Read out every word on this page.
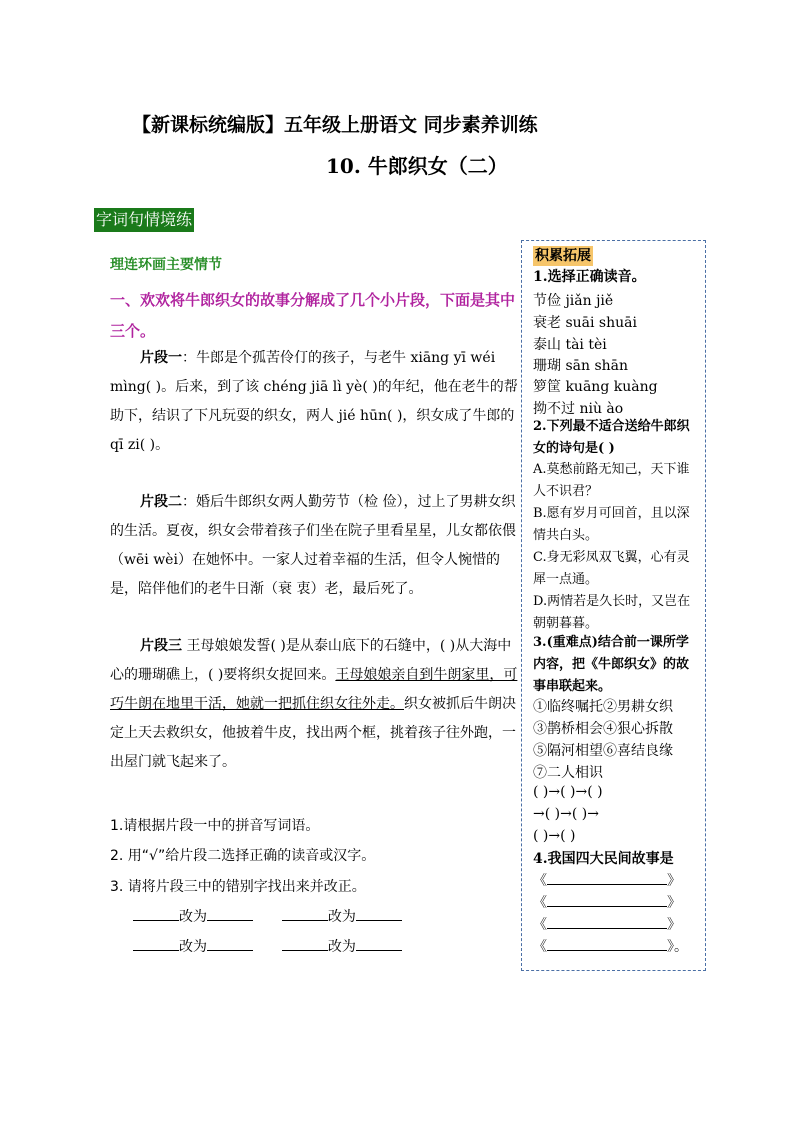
【新课标统编版】五年级上册语文 同步素养训练
10. 牛郎织女（二）
字词句情境练
理连环画主要情节
一、欢欢将牛郎织女的故事分解成了几个小片段，下面是其中三个。
片段一：牛郎是个孤苦伶仃的孩子，与老牛 xiāng yī wéi mìng( )。后来，到了该 chéng jiā lì yè( )的年纪，他在老牛的帮助下，结识了下凡玩耍的织女，两人 jié hūn( )，织女成了牛郎的 qī zi( )。
片段二：婚后牛郎织女两人勤劳节（检 俭），过上了男耕女织的生活。夏夜，织女会带着孩子们坐在院子里看星星，儿女都依偎（wēi wèi）在她怀中。一家人过着幸福的生活，但令人惋惜的是，陪伴他们的老牛日渐（衰 衷）老，最后死了。
片段三 王母娘娘发誓( )是从泰山底下的石缝中，( )从大海中心的珊瑚礁上，( )要将织女捉回来。王母娘娘亲自到牛朗家里，可巧牛朗在地里干活，她就一把抓住织女往外走。织女被抓后牛朗决定上天去救织女，他披着牛皮，找出两个框，挑着孩子往外跑，一出屋门就飞起来了。
1.请根据片段一中的拼音写词语。
2. 用“√”给片段二选择正确的读音或汉字。
3. 请将片段三中的错别字找出来并改正。
改为	改为
改为	改为
积累拓展
1.选择正确读音。
节俭 jiǎn jiě
衰老 suāi shuāi
泰山 tài tèi
珊瑚 sān shān
箩筐 kuāng kuàng
拗不过 niù ào
2.下列最不适合送给牛郎织女的诗句是( )
A.莫愁前路无知己，天下谁人不识君？
B.愿有岁月可回首，且以深情共白头。
C.身无彩凤双飞翼，心有灵犀一点通。
D.两情若是久长时，又岂在朝朝暮暮。
3.(重难点)结合前一课所学内容，把《牛郎织女》的故事串联起来。
①临终嘱托②男耕女织
③鹊桥相会④狠心拆散
⑤隔河相望⑥喜结良缘
⑦二人相识
( )→( )→( )
→( )→( )→
( )→( )
4.我国四大民间故事是
《	》
《	》
《	》
《	》。
